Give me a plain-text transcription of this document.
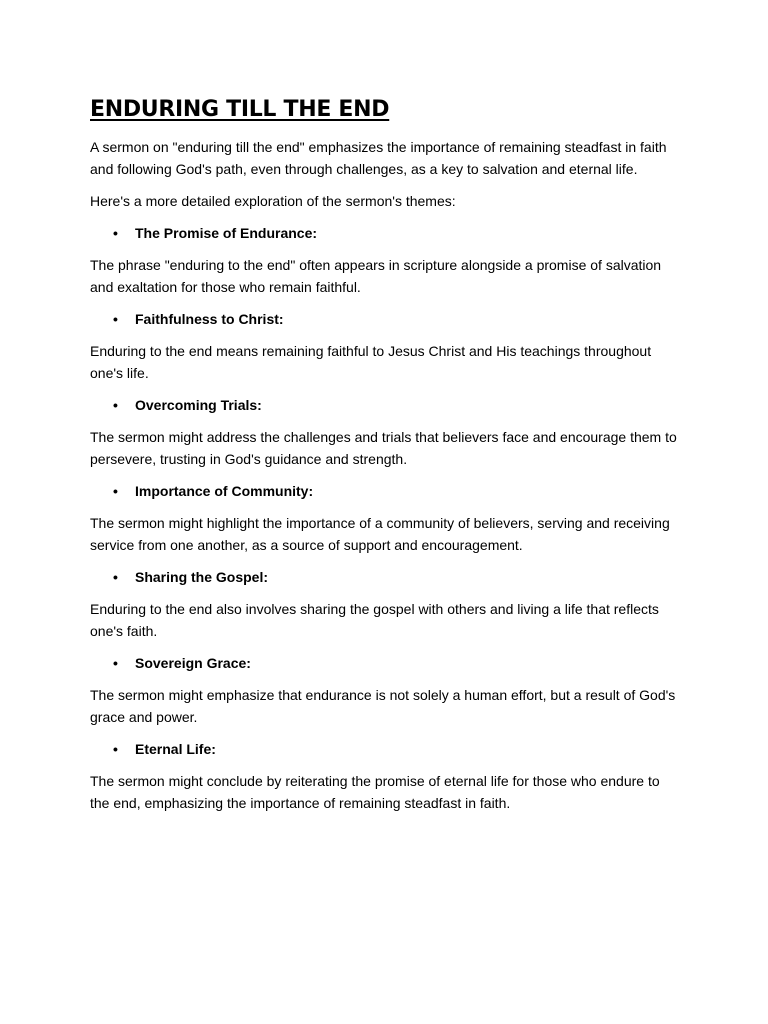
ENDURING TILL THE END

A sermon on "enduring till the end" emphasizes the importance of remaining steadfast in faith and following God's path, even through challenges, as a key to salvation and eternal life.

Here's a more detailed exploration of the sermon's themes:

• The Promise of Endurance:

The phrase "enduring to the end" often appears in scripture alongside a promise of salvation and exaltation for those who remain faithful.

• Faithfulness to Christ:

Enduring to the end means remaining faithful to Jesus Christ and His teachings throughout one's life.

• Overcoming Trials:

The sermon might address the challenges and trials that believers face and encourage them to persevere, trusting in God's guidance and strength.

• Importance of Community:

The sermon might highlight the importance of a community of believers, serving and receiving service from one another, as a source of support and encouragement.

• Sharing the Gospel:

Enduring to the end also involves sharing the gospel with others and living a life that reflects one's faith.

• Sovereign Grace:

The sermon might emphasize that endurance is not solely a human effort, but a result of God's grace and power.

• Eternal Life:

The sermon might conclude by reiterating the promise of eternal life for those who endure to the end, emphasizing the importance of remaining steadfast in faith.
